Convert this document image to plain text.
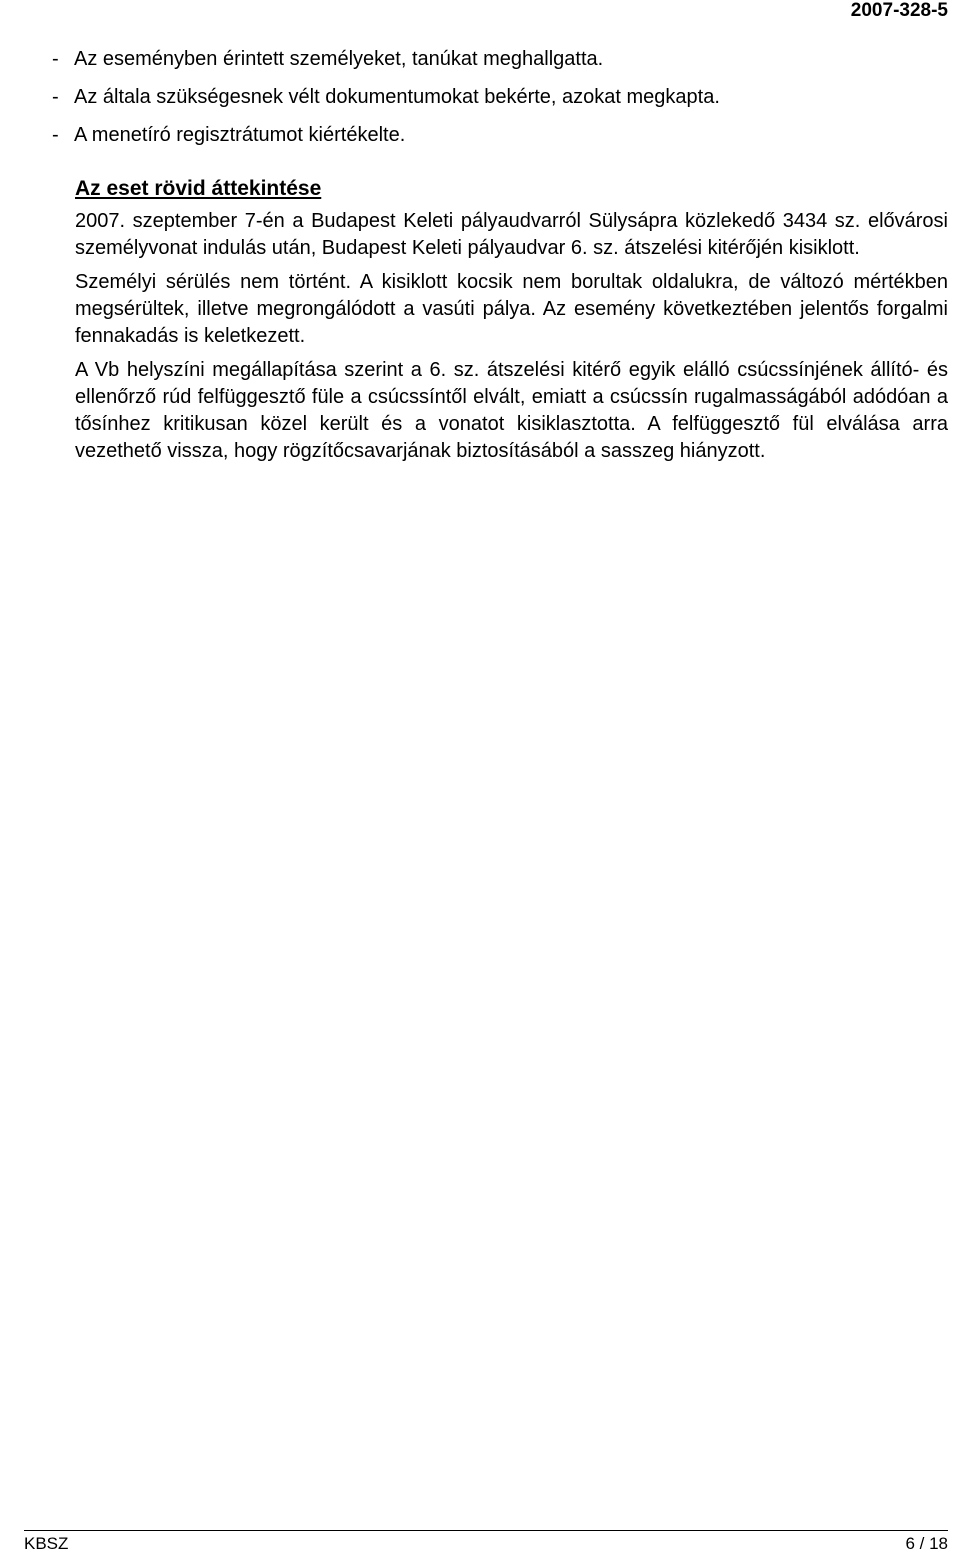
2007-328-5
- Az eseményben érintett személyeket, tanúkat meghallgatta.
- Az általa szükségesnek vélt dokumentumokat bekérte, azokat megkapta.
- A menetíró regisztrátumot kiértékelte.
Az eset rövid áttekintése

2007. szeptember 7-én a Budapest Keleti pályaudvarról Sülysápra közlekedő 3434 sz. elővárosi személyvonat indulás után, Budapest Keleti pályaudvar 6. sz. átszelési kitérőjén kisiklott.

Személyi sérülés nem történt. A kisiklott kocsik nem borultak oldalukra, de változó mértékben megsérültek, illetve megrongálódott a vasúti pálya. Az esemény következtében jelentős forgalmi fennakadás is keletkezett.

A Vb helyszíni megállapítása szerint a 6. sz. átszelési kitérő egyik elálló csúcssínjének állító- és ellenőrző rúd felfüggesztő füle a csúcssíntől elvált, emiatt a csúcssín rugalmasságából adódóan a tősínhez kritikusan közel került és a vonatot kisiklasztotta. A felfüggesztő fül elválása arra vezethető vissza, hogy rögzítőcsavarjának biztosításából a sasszeg hiányzott.

KBSZ	6 / 18
